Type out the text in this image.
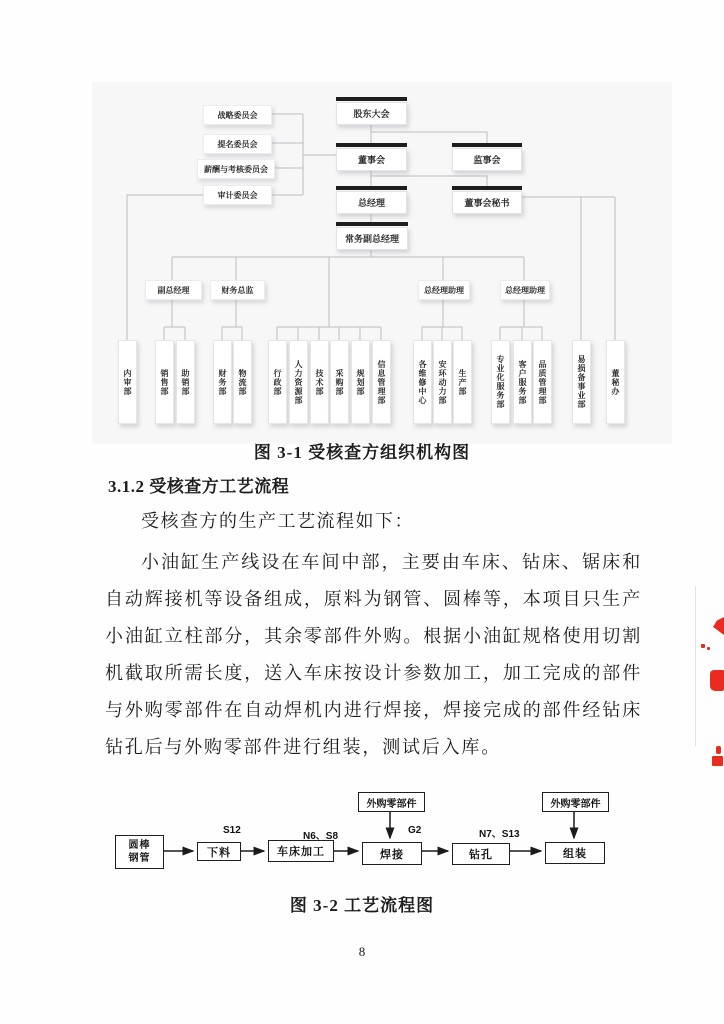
股东大会
董事会	监事会
总经理	董事会秘书
常务副总经理
战略委员会
提名委员会
薪酬与考核委员会
审计委员会
副总经理	财务总监	总经理助理	总经理助理
内审部	销售部	助销部	财务部	物流部	行政部	人力资源部	技术部	采购部	规划部	信息管理部	各维修中心	安环动力部	生产部	专业化服务部	客户服务部	品质管理部	易损备事业部	董秘办
图 3-1 受核查方组织机构图
3.1.2 受核查方工艺流程
受核查方的生产工艺流程如下：
小油缸生产线设在车间中部，主要由车床、钻床、锯床和自动辉接机等设备组成，原料为钢管、圆棒等，本项目只生产小油缸立柱部分，其余零部件外购。根据小油缸规格使用切割机截取所需长度，送入车床按设计参数加工，加工完成的部件与外购零部件在自动焊机内进行焊接，焊接完成的部件经钻床钻孔后与外购零部件进行组装，测试后入库。
圆棒
钢管	下料	车床加工	焊接	钻孔	组装
外购零部件	外购零部件
S12
N6、S8
G2	N7、S13
图 3-2 工艺流程图
8
